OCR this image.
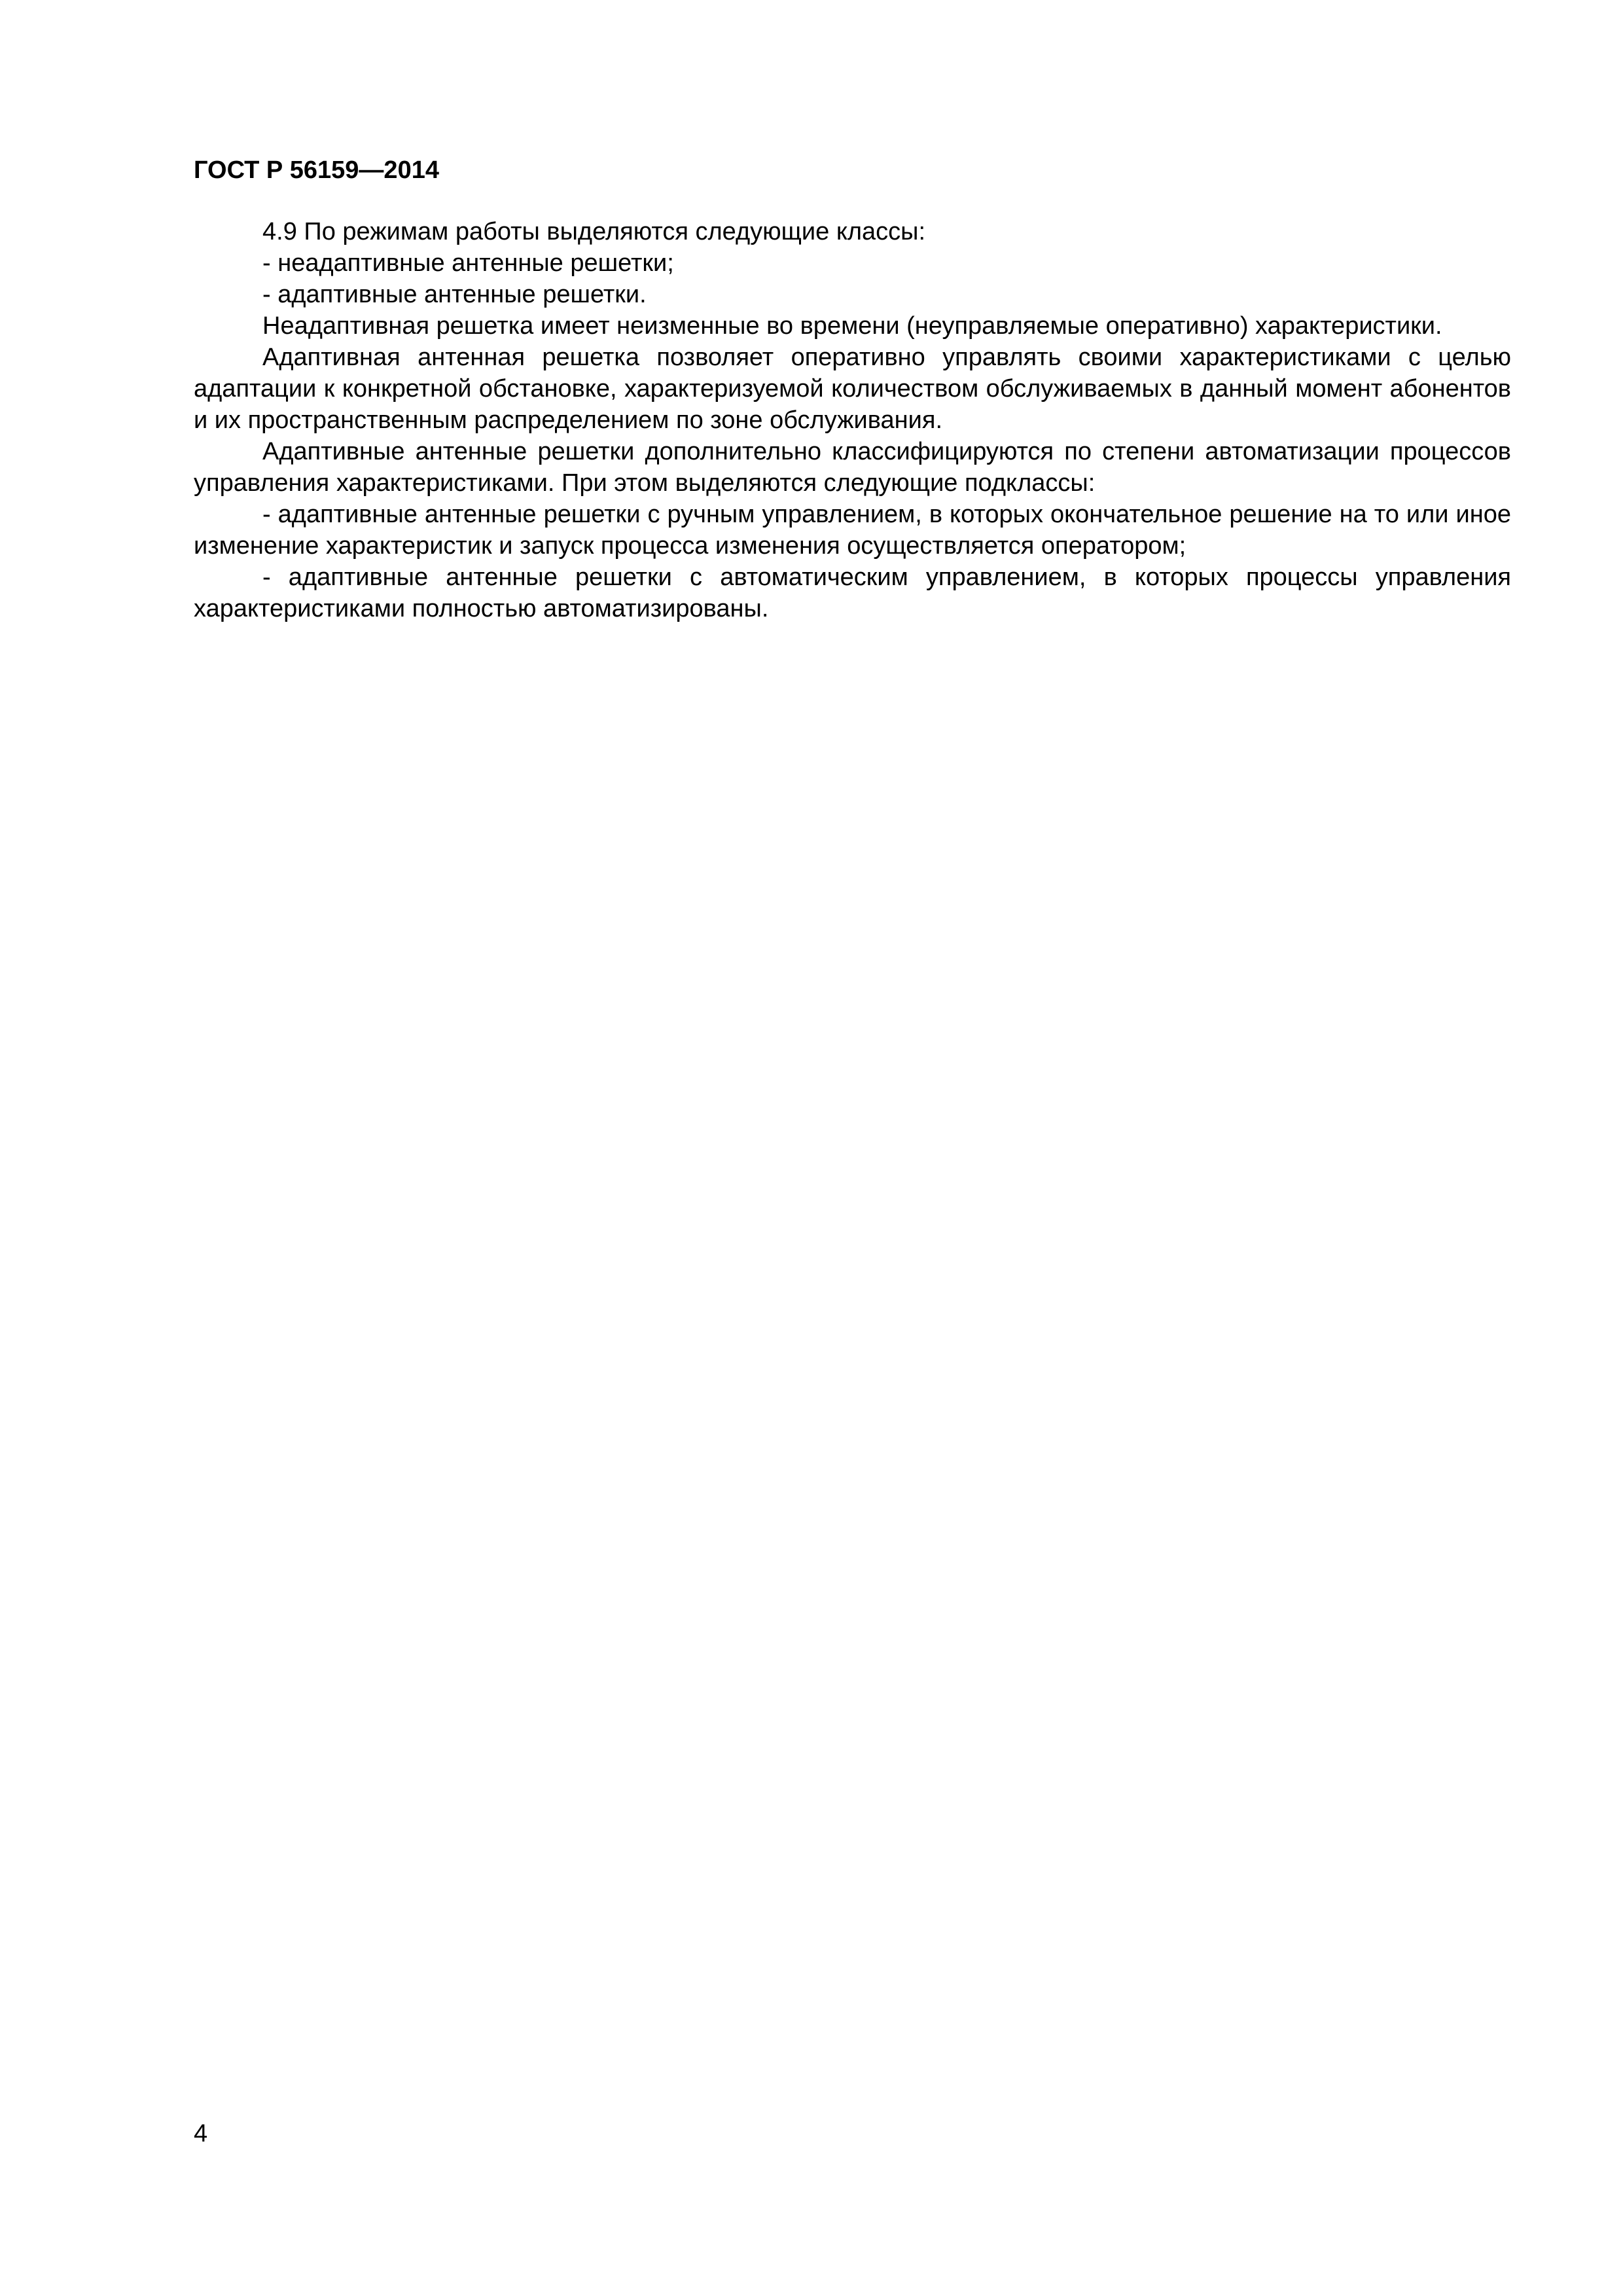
ГОСТ Р 56159—2014

4.9 По режимам работы выделяются следующие классы:

- неадаптивные антенные решетки;

- адаптивные антенные решетки.

Неадаптивная решетка имеет неизменные во времени (неуправляемые оперативно) характеристики.

Адаптивная антенная решетка позволяет оперативно управлять своими характеристиками с целью адаптации к конкретной обстановке, характеризуемой количеством обслуживаемых в данный момент абонентов и их пространственным распределением по зоне обслуживания.

Адаптивные антенные решетки дополнительно классифицируются по степени автоматизации процессов управления характеристиками. При этом выделяются следующие подклассы:

- адаптивные антенные решетки с ручным управлением, в которых окончательное решение на то или иное изменение характеристик и запуск процесса изменения осуществляется оператором;

- адаптивные антенные решетки с автоматическим управлением, в которых процессы управления характеристиками полностью автоматизированы.

4
